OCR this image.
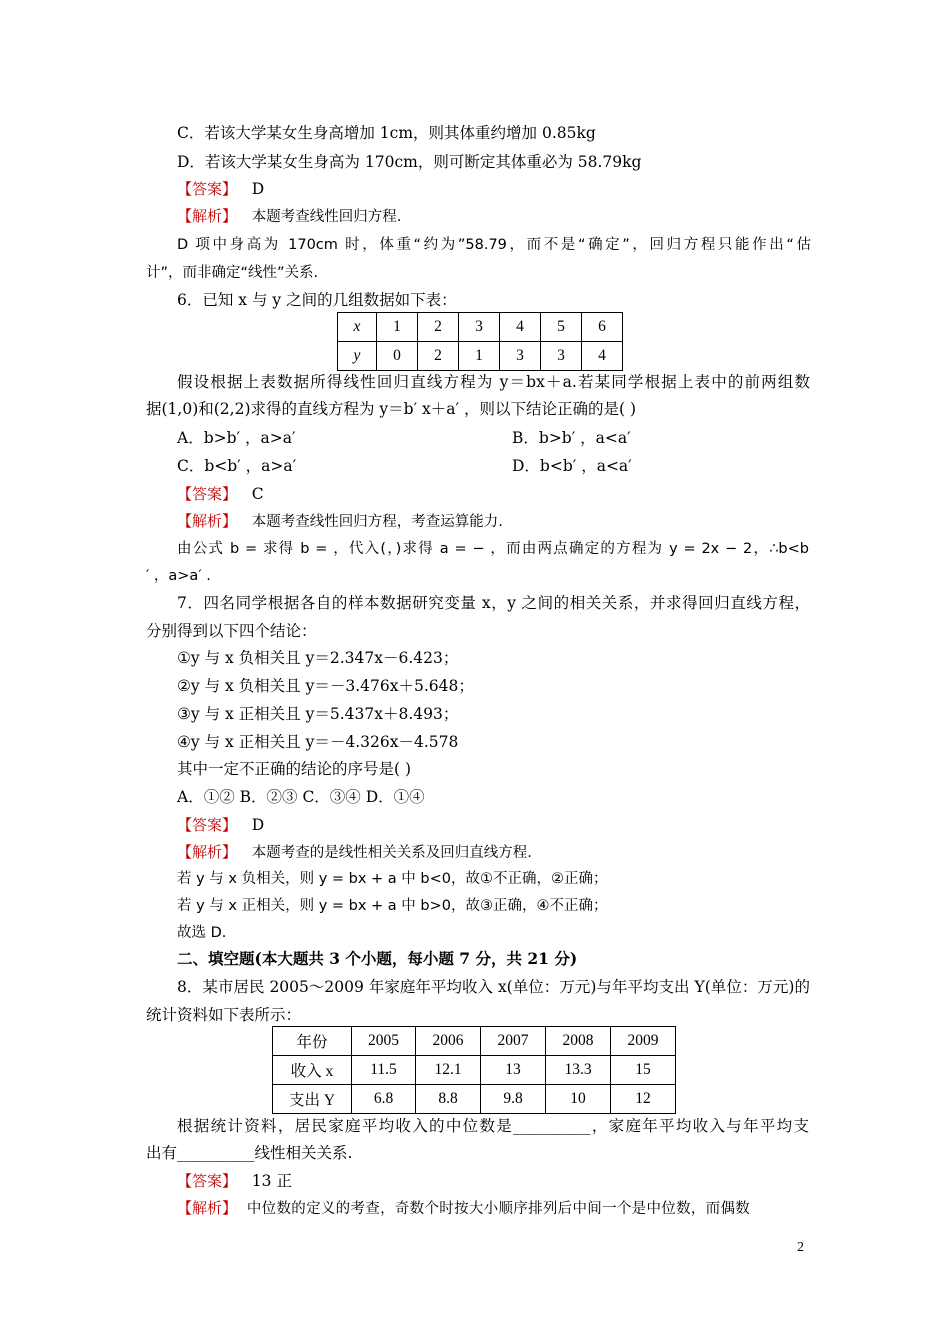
C．若该大学某女生身高增加 1cm，则其体重约增加 0.85kg
D．若该大学某女生身高为 170cm，则可断定其体重必为 58.79kg
【答案】 D
【解析】 本题考查线性回归方程.
D 项中身高为 170cm 时，体重“约为”58.79，而不是“确定”，回归方程只能作出“估
计”，而非确定“线性”关系.
6．已知 x 与 y 之间的几组数据如下表：
x	1	2	3	4	5	6
y	0	2	1	3	3	4
假设根据上表数据所得线性回归直线方程为 y＝bx＋a.若某同学根据上表中的前两组数
据(1,0)和(2,2)求得的直线方程为 y＝b′ x＋a′ ，则以下结论正确的是( )
A．b>b′ ，a>a′	B．b>b′ ，a<a′
C．b<b′ ，a>a′	D．b<b′ ，a<a′
【答案】 C
【解析】 本题考查线性回归方程，考查运算能力.
由公式 b = 求得 b = ，代入(，)求得 a = − ，而由两点确定的方程为 y = 2x − 2，∴b<b
′ ，a>a′ .
7．四名同学根据各自的样本数据研究变量 x，y 之间的相关关系，并求得回归直线方程，
分别得到以下四个结论：
①y 与 x 负相关且 y＝2.347x－6.423；
②y 与 x 负相关且 y＝－3.476x＋5.648；
③y 与 x 正相关且 y＝5.437x＋8.493；
④y 与 x 正相关且 y＝－4.326x－4.578
其中一定不正确的结论的序号是( )
A．①② B．②③ C．③④ D．①④
【答案】 D
【解析】 本题考查的是线性相关关系及回归直线方程.
若 y 与 x 负相关，则 y = bx + a 中 b<0，故①不正确，②正确；
若 y 与 x 正相关，则 y = bx + a 中 b>0，故③正确，④不正确；
故选 D.
二、填空题(本大题共 3 个小题，每小题 7 分，共 21 分)
8．某市居民 2005～2009 年家庭年平均收入 x(单位：万元)与年平均支出 Y(单位：万元)的
统计资料如下表所示：
年份	2005	2006	2007	2008	2009
收入 x	11.5	12.1	13	13.3	15
支出 Y	6.8	8.8	9.8	10	12
根据统计资料，居民家庭平均收入的中位数是__________，家庭年平均收入与年平均支
出有__________线性相关关系.
【答案】 13 正
【解析】 中位数的定义的考查，奇数个时按大小顺序排列后中间一个是中位数，而偶数
2
